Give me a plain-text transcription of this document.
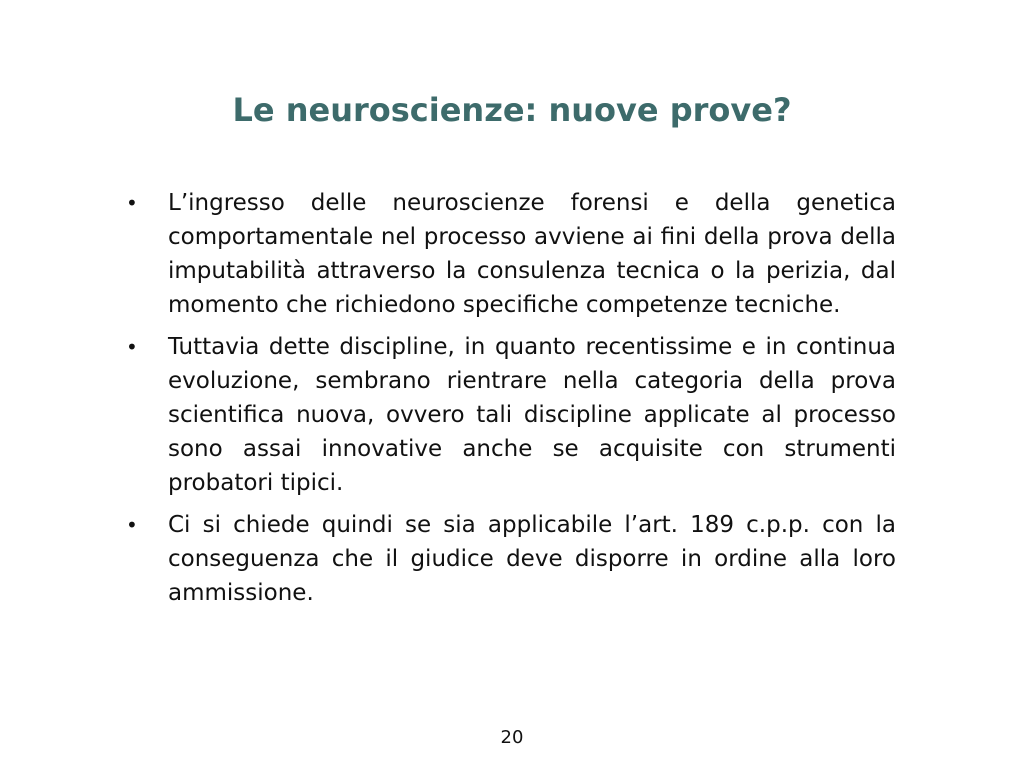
Le neuroscienze: nuove prove?
•	L’ingresso delle neuroscienze forensi e della genetica comportamentale nel processo avviene ai fini della prova della imputabilità attraverso la consulenza tecnica o la perizia, dal momento che richiedono specifiche competenze tecniche.
•	Tuttavia dette discipline, in quanto recentissime e in continua evoluzione, sembrano rientrare nella categoria della prova scientifica nuova, ovvero tali discipline applicate al processo sono assai innovative anche se acquisite con strumenti probatori tipici.
•	Ci si chiede quindi se sia applicabile l’art. 189 c.p.p. con la conseguenza che il giudice deve disporre in ordine alla loro ammissione.
20
